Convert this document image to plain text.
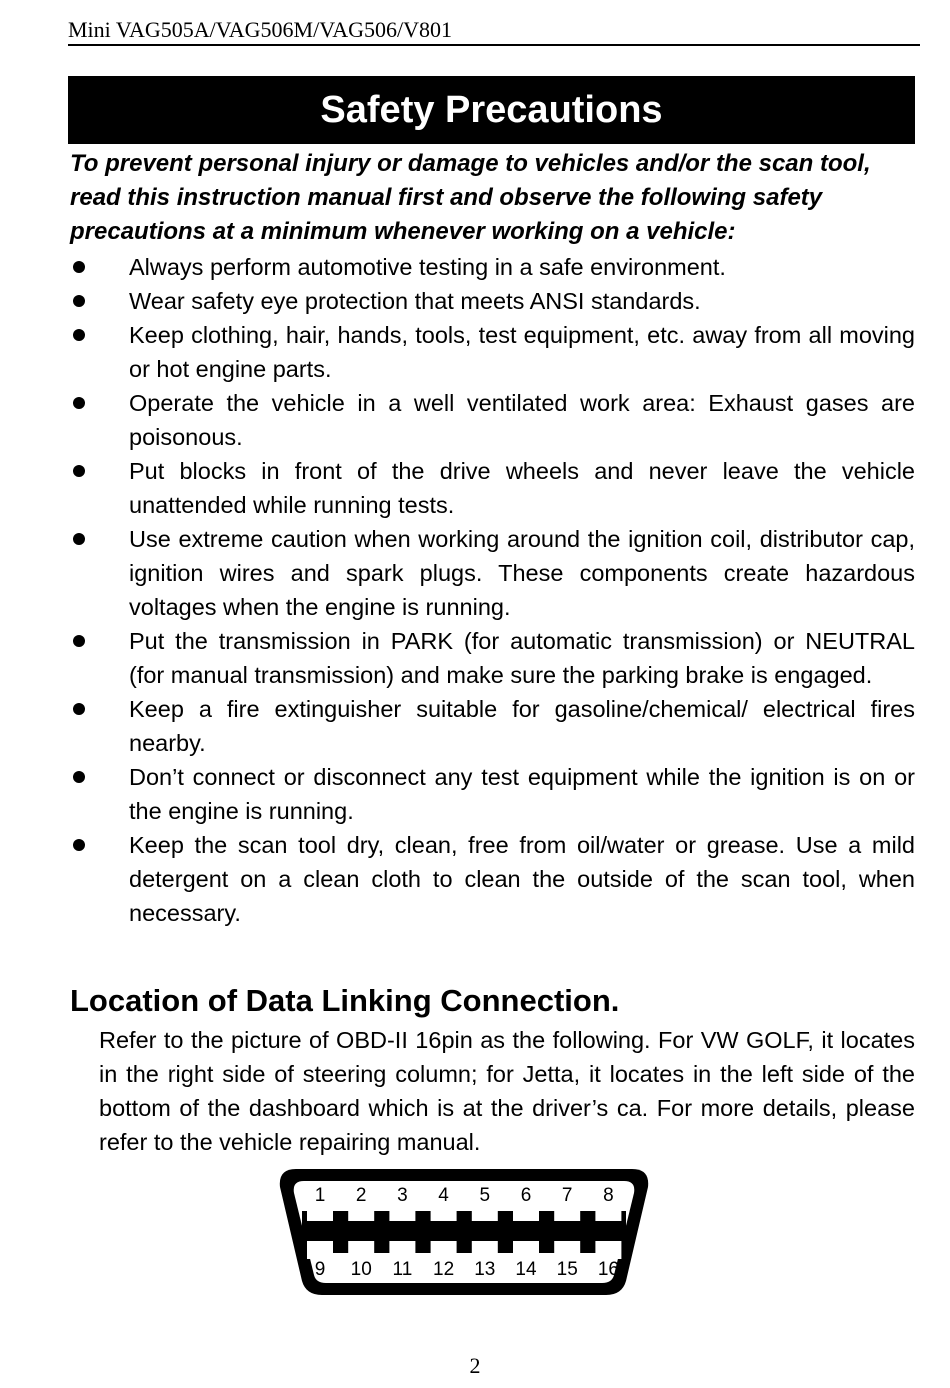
Mini VAG505A/VAG506M/VAG506/V801
Safety Precautions
To prevent personal injury or damage to vehicles and/or the scan tool, read this instruction manual first and observe the following safety precautions at a minimum whenever working on a vehicle:
Always perform automotive testing in a safe environment.
Wear safety eye protection that meets ANSI standards.
Keep clothing, hair, hands, tools, test equipment, etc. away from all moving or hot engine parts.
Operate the vehicle in a well ventilated work area: Exhaust gases are poisonous.
Put blocks in front of the drive wheels and never leave the vehicle unattended while running tests.
Use extreme caution when working around the ignition coil, distributor cap, ignition wires and spark plugs. These components create hazardous voltages when the engine is running.
Put the transmission in PARK (for automatic transmission) or NEUTRAL (for manual transmission) and make sure the parking brake is engaged.
Keep a fire extinguisher suitable for gasoline/chemical/ electrical fires nearby.
Don’t connect or disconnect any test equipment while the ignition is on or the engine is running.
Keep the scan tool dry, clean, free from oil/water or grease. Use a mild detergent on a clean cloth to clean the outside of the scan tool, when necessary.
Location of Data Linking Connection.
Refer to the picture of OBD-II 16pin as the following. For VW GOLF, it locates in the right side of steering column; for Jetta, it locates in the left side of the bottom of the dashboard which is at the driver’s ca. For more details, please refer to the vehicle repairing manual.
1 2 3 4 5 6 7 8
9 10 11 12 13 14 15 16
2
